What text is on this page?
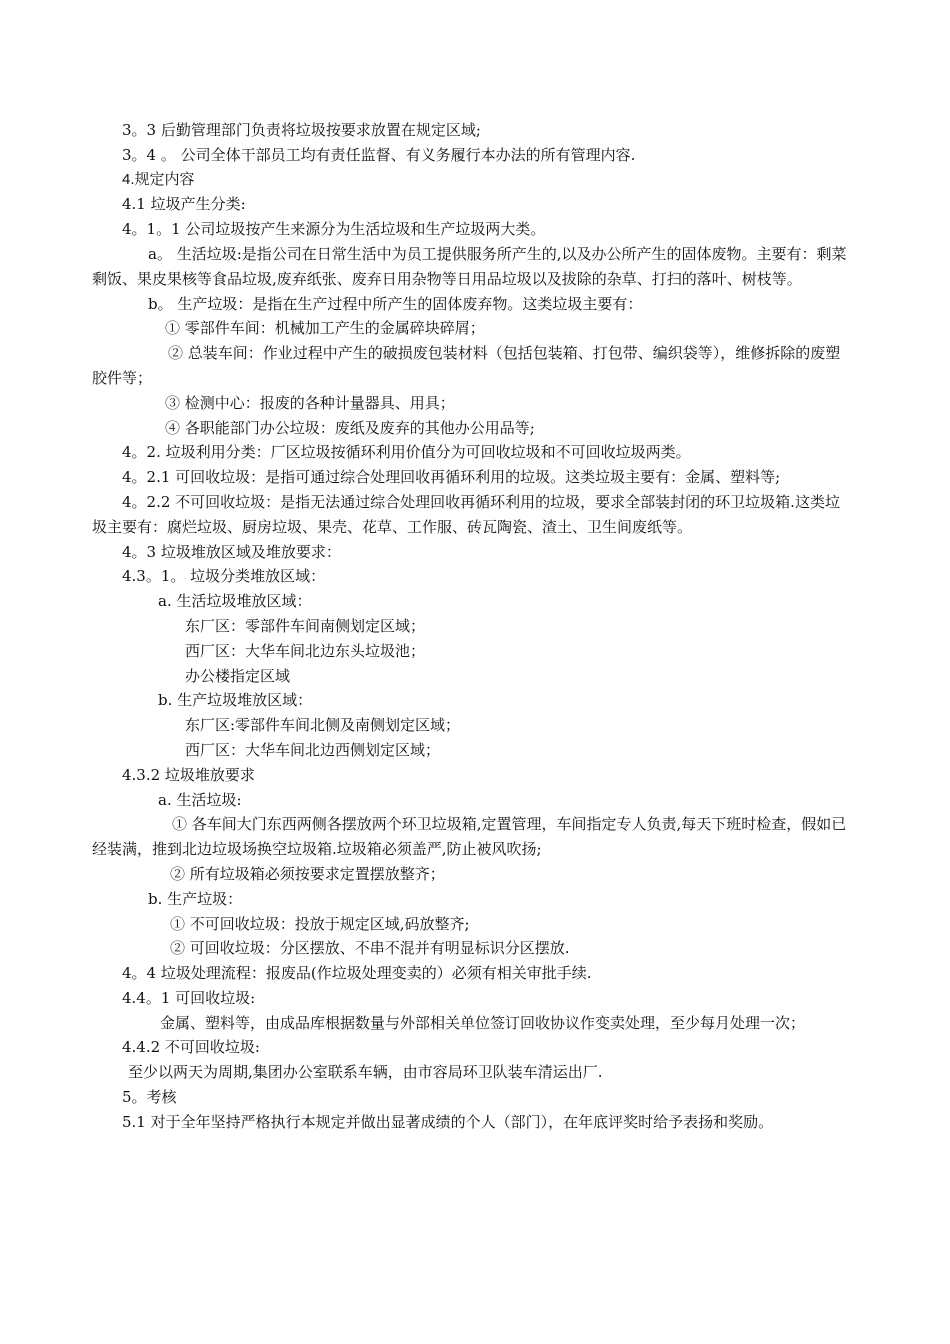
3。3 后勤管理部门负责将垃圾按要求放置在规定区域;
3。4 。 公司全体干部员工均有责任监督、有义务履行本办法的所有管理内容.
4.规定内容
4.1 垃圾产生分类:
4。1。1 公司垃圾按产生来源分为生活垃圾和生产垃圾两大类。
a。 生活垃圾:是指公司在日常生活中为员工提供服务所产生的,以及办公所产生的固体废物。主要有：剩菜剩饭、果皮果核等食品垃圾,废弃纸张、废弃日用杂物等日用品垃圾以及拔除的杂草、打扫的落叶、树枝等。
b。 生产垃圾：是指在生产过程中所产生的固体废弃物。这类垃圾主要有：
① 零部件车间：机械加工产生的金属碎块碎屑；
② 总装车间：作业过程中产生的破损废包装材料（包括包装箱、打包带、编织袋等），维修拆除的废塑胶件等；
③ 检测中心：报废的各种计量器具、用具；
④ 各职能部门办公垃圾：废纸及废弃的其他办公用品等;
4。2. 垃圾利用分类：厂区垃圾按循环利用价值分为可回收垃圾和不可回收垃圾两类。
4。2.1 可回收垃圾：是指可通过综合处理回收再循环利用的垃圾。这类垃圾主要有：金属、塑料等;
4。2.2 不可回收垃圾：是指无法通过综合处理回收再循环利用的垃圾，要求全部装封闭的环卫垃圾箱.这类垃圾主要有：腐烂垃圾、厨房垃圾、果壳、花草、工作服、砖瓦陶瓷、渣土、卫生间废纸等。
4。3 垃圾堆放区域及堆放要求：
4.3。1。 垃圾分类堆放区域：
a. 生活垃圾堆放区域：
东厂区：零部件车间南侧划定区域；
西厂区：大华车间北边东头垃圾池；
办公楼指定区域
b. 生产垃圾堆放区域：
东厂区:零部件车间北侧及南侧划定区域；
西厂区：大华车间北边西侧划定区域；
4.3.2 垃圾堆放要求
a. 生活垃圾:
① 各车间大门东西两侧各摆放两个环卫垃圾箱,定置管理，车间指定专人负责,每天下班时检查，假如已经装满，推到北边垃圾场换空垃圾箱.垃圾箱必须盖严,防止被风吹扬;
② 所有垃圾箱必须按要求定置摆放整齐；
b. 生产垃圾：
① 不可回收垃圾：投放于规定区域,码放整齐;
② 可回收垃圾：分区摆放、不串不混并有明显标识分区摆放.
4。4 垃圾处理流程：报废品(作垃圾处理变卖的）必须有相关审批手续.
4.4。1 可回收垃圾:
金属、塑料等，由成品库根据数量与外部相关单位签订回收协议作变卖处理，至少每月处理一次；
4.4.2 不可回收垃圾:
至少以两天为周期,集团办公室联系车辆，由市容局环卫队装车清运出厂.
5。考核
5.1 对于全年坚持严格执行本规定并做出显著成绩的个人（部门），在年底评奖时给予表扬和奖励。
